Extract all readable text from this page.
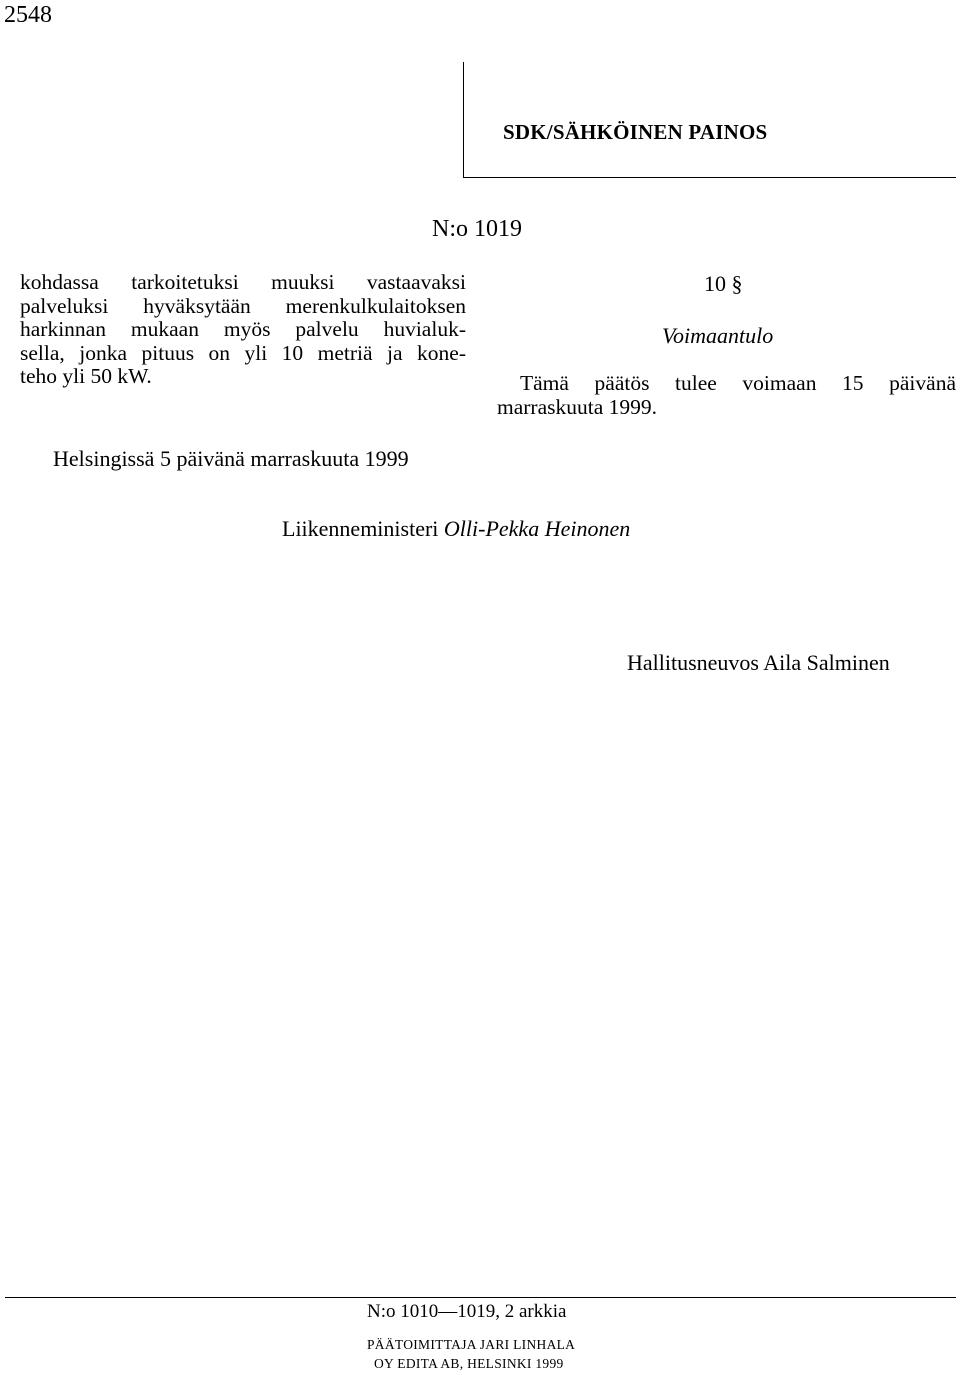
2548
SDK/SÄHKÖINEN PAINOS
N:o 1019
kohdassa tarkoitetuksi muuksi vastaavaksi
palveluksi hyväksytään merenkulkulaitoksen
harkinnan mukaan myös palvelu huvialuk-
sella, jonka pituus on yli 10 metriä ja kone-
teho yli 50 kW.
10 §
Voimaantulo
Tämä päätös tulee voimaan 15 päivänä
marraskuuta 1999.
Helsingissä 5 päivänä marraskuuta 1999
Liikenneministeri Olli-Pekka Heinonen
Hallitusneuvos Aila Salminen
N:o 1010—1019, 2 arkkia
PÄÄTOIMITTAJA JARI LINHALA
OY EDITA AB, HELSINKI 1999
